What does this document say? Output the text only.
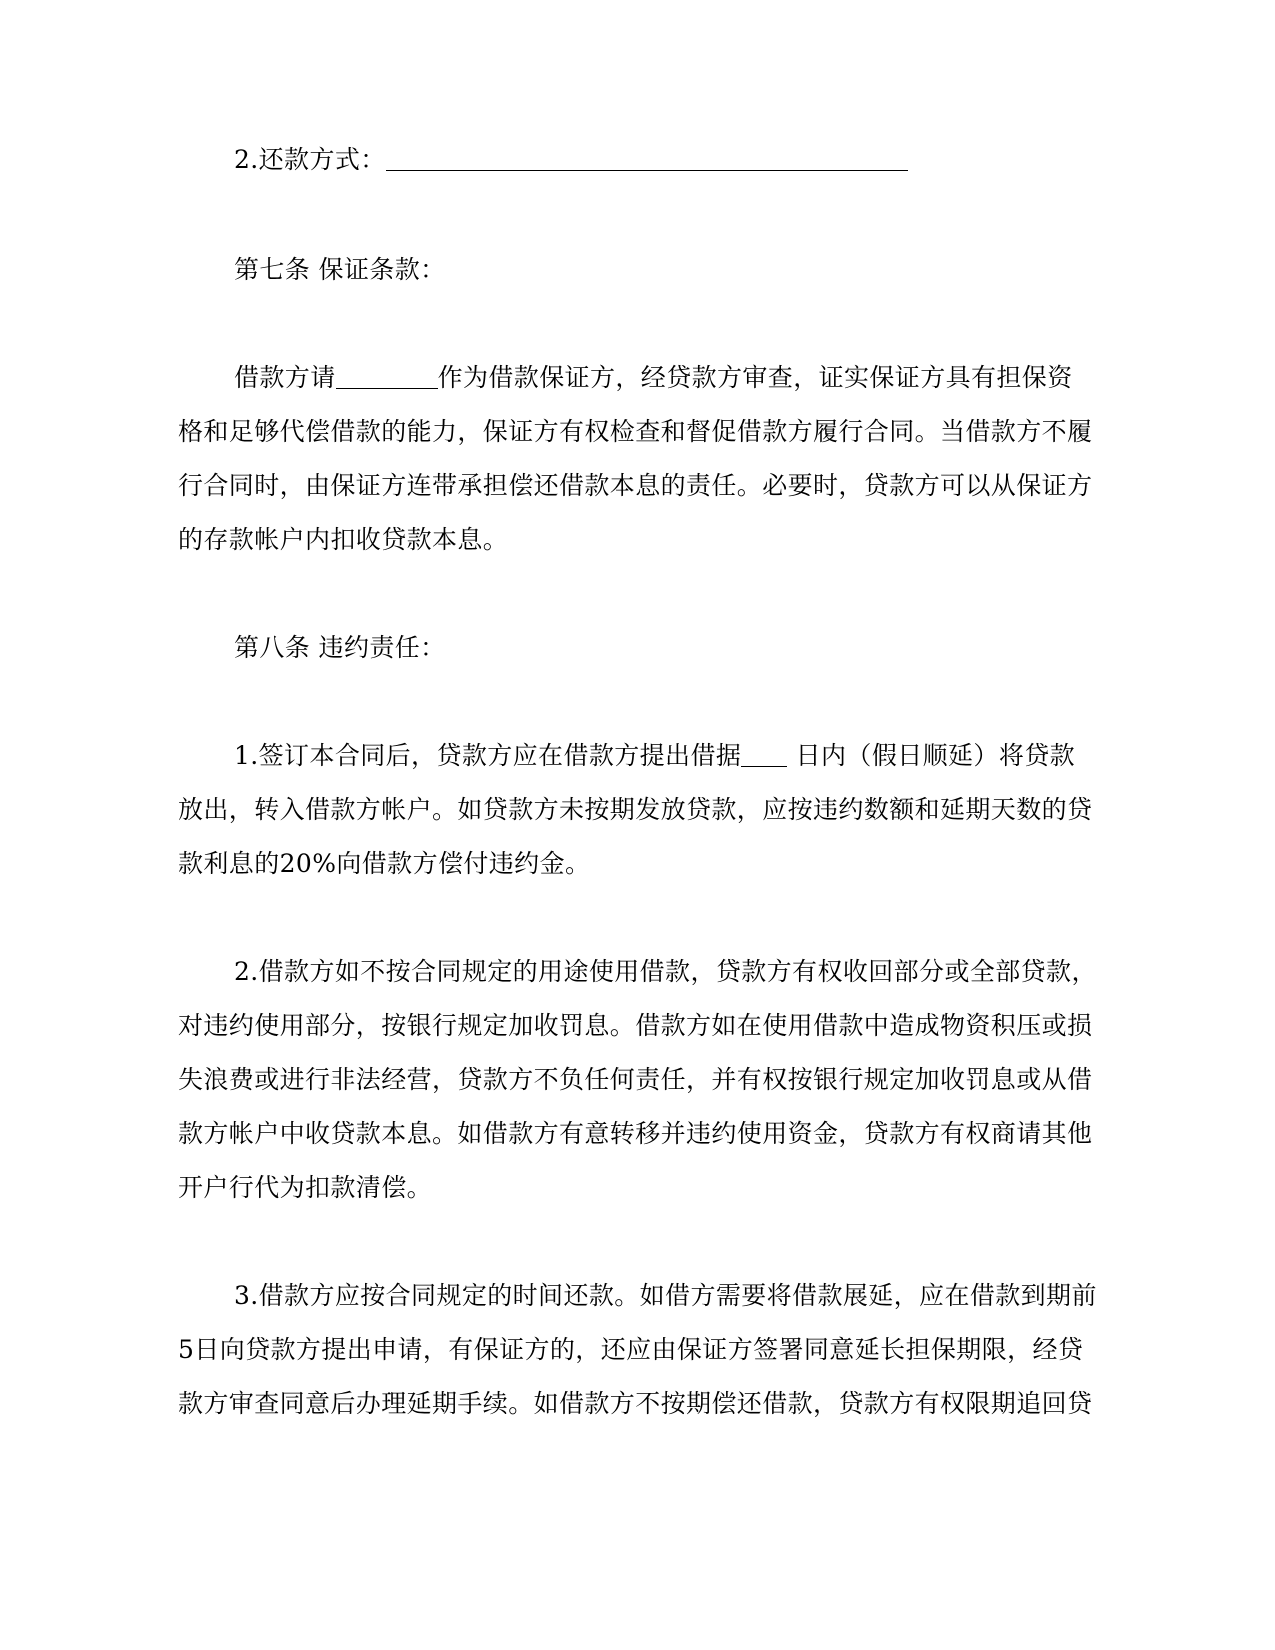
2.还款方式：
第七条 保证条款：
借款方请	作为借款保证方，经贷款方审查，证实保证方具有担保资
格和足够代偿借款的能力，保证方有权检查和督促借款方履行合同。当借款方不履
行合同时，由保证方连带承担偿还借款本息的责任。必要时，贷款方可以从保证方
的存款帐户内扣收贷款本息。
第八条 违约责任：
1.签订本合同后，贷款方应在借款方提出借据 日内（假日顺延）将贷款
放出，转入借款方帐户。如贷款方未按期发放贷款，应按违约数额和延期天数的贷
款利息的20%向借款方偿付违约金。
2.借款方如不按合同规定的用途使用借款，贷款方有权收回部分或全部贷款，
对违约使用部分，按银行规定加收罚息。借款方如在使用借款中造成物资积压或损
失浪费或进行非法经营，贷款方不负任何责任，并有权按银行规定加收罚息或从借
款方帐户中收贷款本息。如借款方有意转移并违约使用资金，贷款方有权商请其他
开户行代为扣款清偿。
3.借款方应按合同规定的时间还款。如借方需要将借款展延，应在借款到期前
5日向贷款方提出申请，有保证方的，还应由保证方签署同意延长担保期限，经贷
款方审查同意后办理延期手续。如借款方不按期偿还借款，贷款方有权限期追回贷
